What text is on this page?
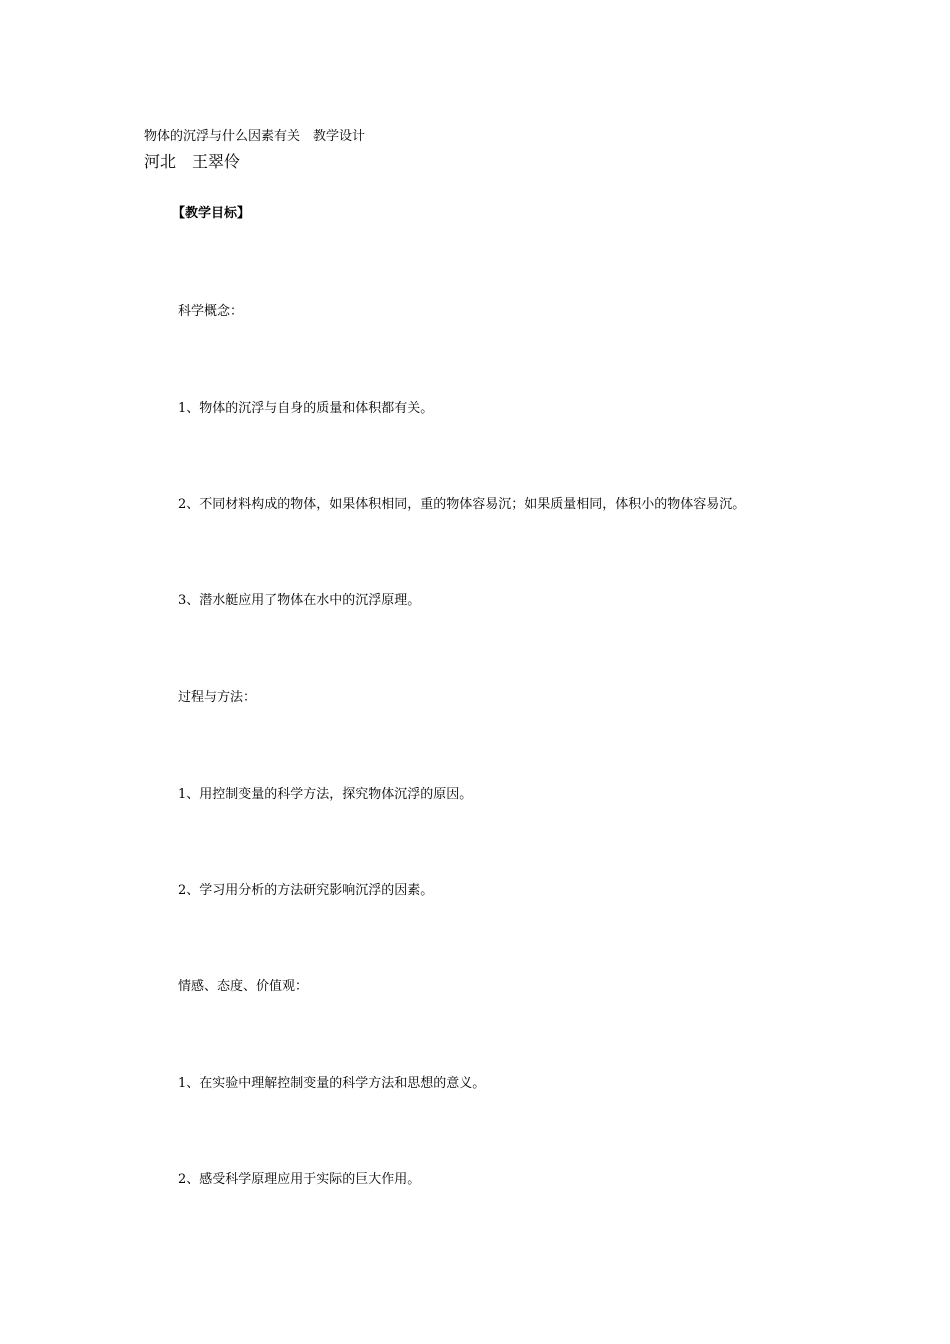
物体的沉浮与什么因素有关　教学设计
河北　王翠伶
【教学目标】
科学概念：
1、物体的沉浮与自身的质量和体积都有关。
2、不同材料构成的物体，如果体积相同，重的物体容易沉；如果质量相同，体积小的物体容易沉。
3、潜水艇应用了物体在水中的沉浮原理。
过程与方法：
1、用控制变量的科学方法，探究物体沉浮的原因。
2、学习用分析的方法研究影响沉浮的因素。
情感、态度、价值观：
1、在实验中理解控制变量的科学方法和思想的意义。
2、感受科学原理应用于实际的巨大作用。
